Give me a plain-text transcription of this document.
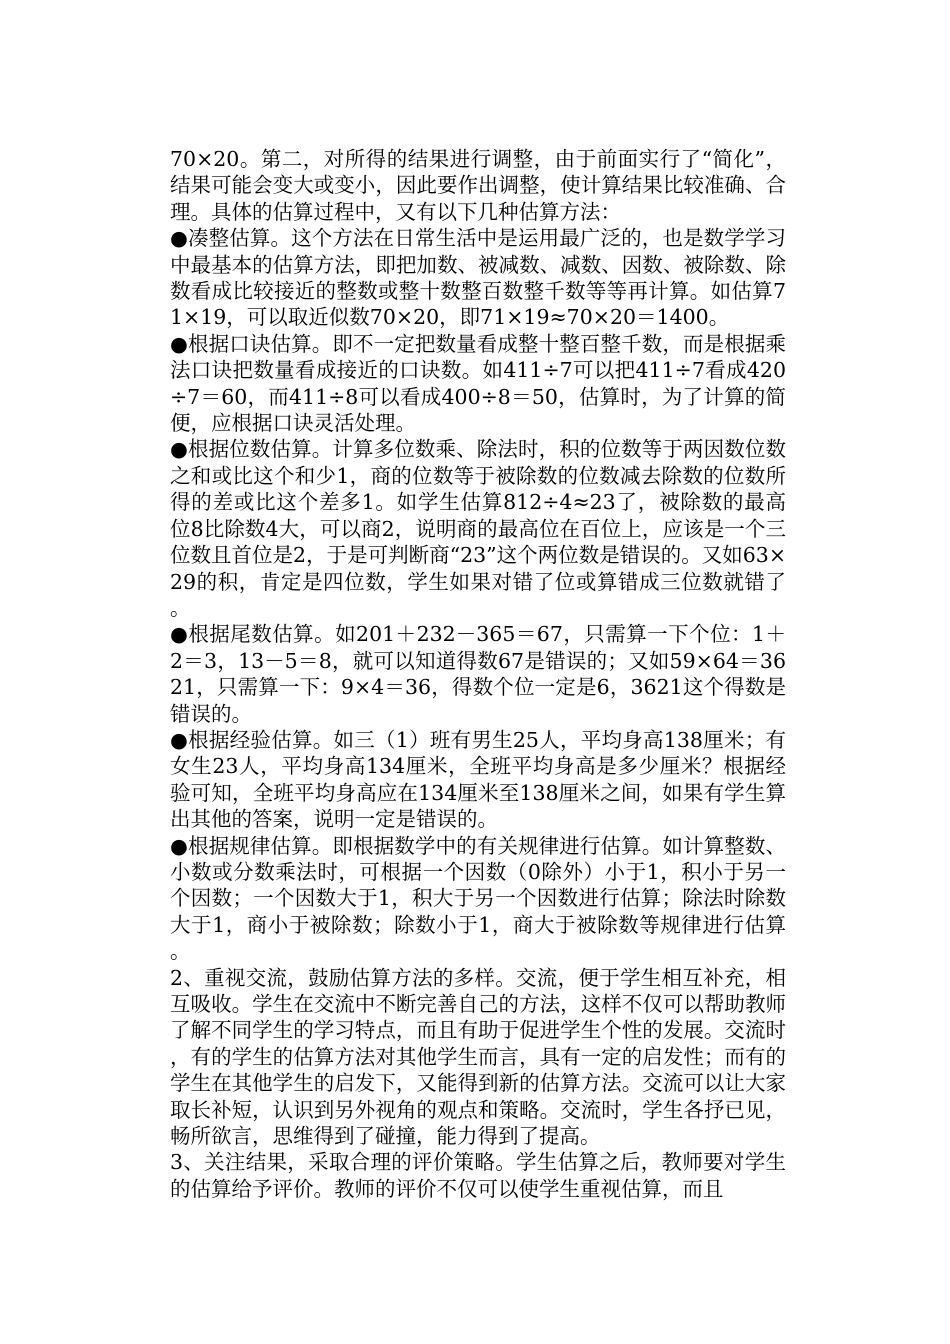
70×20。第二，对所得的结果进行调整，由于前面实行了“简化”，结果可能会变大或变小，因此要作出调整，使计算结果比较准确、合理。具体的估算过程中，又有以下几种估算方法：

●凑整估算。这个方法在日常生活中是运用最广泛的，也是数学学习中最基本的估算方法，即把加数、被减数、减数、因数、被除数、除数看成比较接近的整数或整十数整百数整千数等等再计算。如估算71×19，可以取近似数70×20，即71×19≈70×20＝1400。

●根据口诀估算。即不一定把数量看成整十整百整千数，而是根据乘法口诀把数量看成接近的口诀数。如411÷7可以把411÷7看成420÷7＝60，而411÷8可以看成400÷8＝50，估算时，为了计算的简便，应根据口诀灵活处理。

●根据位数估算。计算多位数乘、除法时，积的位数等于两因数位数之和或比这个和少1，商的位数等于被除数的位数减去除数的位数所得的差或比这个差多1。如学生估算812÷4≈23了，被除数的最高位8比除数4大，可以商2，说明商的最高位在百位上，应该是一个三位数且首位是2，于是可判断商“23”这个两位数是错误的。又如63×29的积，肯定是四位数，学生如果对错了位或算错成三位数就错了。

●根据尾数估算。如201＋232－365＝67，只需算一下个位：1＋2＝3，13－5＝8，就可以知道得数67是错误的；又如59×64＝3621，只需算一下：9×4＝36，得数个位一定是6，3621这个得数是错误的。

●根据经验估算。如三（1）班有男生25人，平均身高138厘米；有女生23人，平均身高134厘米，全班平均身高是多少厘米？根据经验可知，全班平均身高应在134厘米至138厘米之间，如果有学生算出其他的答案，说明一定是错误的。

●根据规律估算。即根据数学中的有关规律进行估算。如计算整数、小数或分数乘法时，可根据一个因数（0除外）小于1，积小于另一个因数；一个因数大于1，积大于另一个因数进行估算；除法时除数大于1，商小于被除数；除数小于1，商大于被除数等规律进行估算。

2、重视交流，鼓励估算方法的多样。交流，便于学生相互补充，相互吸收。学生在交流中不断完善自己的方法，这样不仅可以帮助教师了解不同学生的学习特点，而且有助于促进学生个性的发展。交流时，有的学生的估算方法对其他学生而言，具有一定的启发性；而有的学生在其他学生的启发下，又能得到新的估算方法。交流可以让大家取长补短，认识到另外视角的观点和策略。交流时，学生各抒已见，畅所欲言，思维得到了碰撞，能力得到了提高。

3、关注结果，采取合理的评价策略。学生估算之后，教师要对学生的估算给予评价。教师的评价不仅可以使学生重视估算，而且
